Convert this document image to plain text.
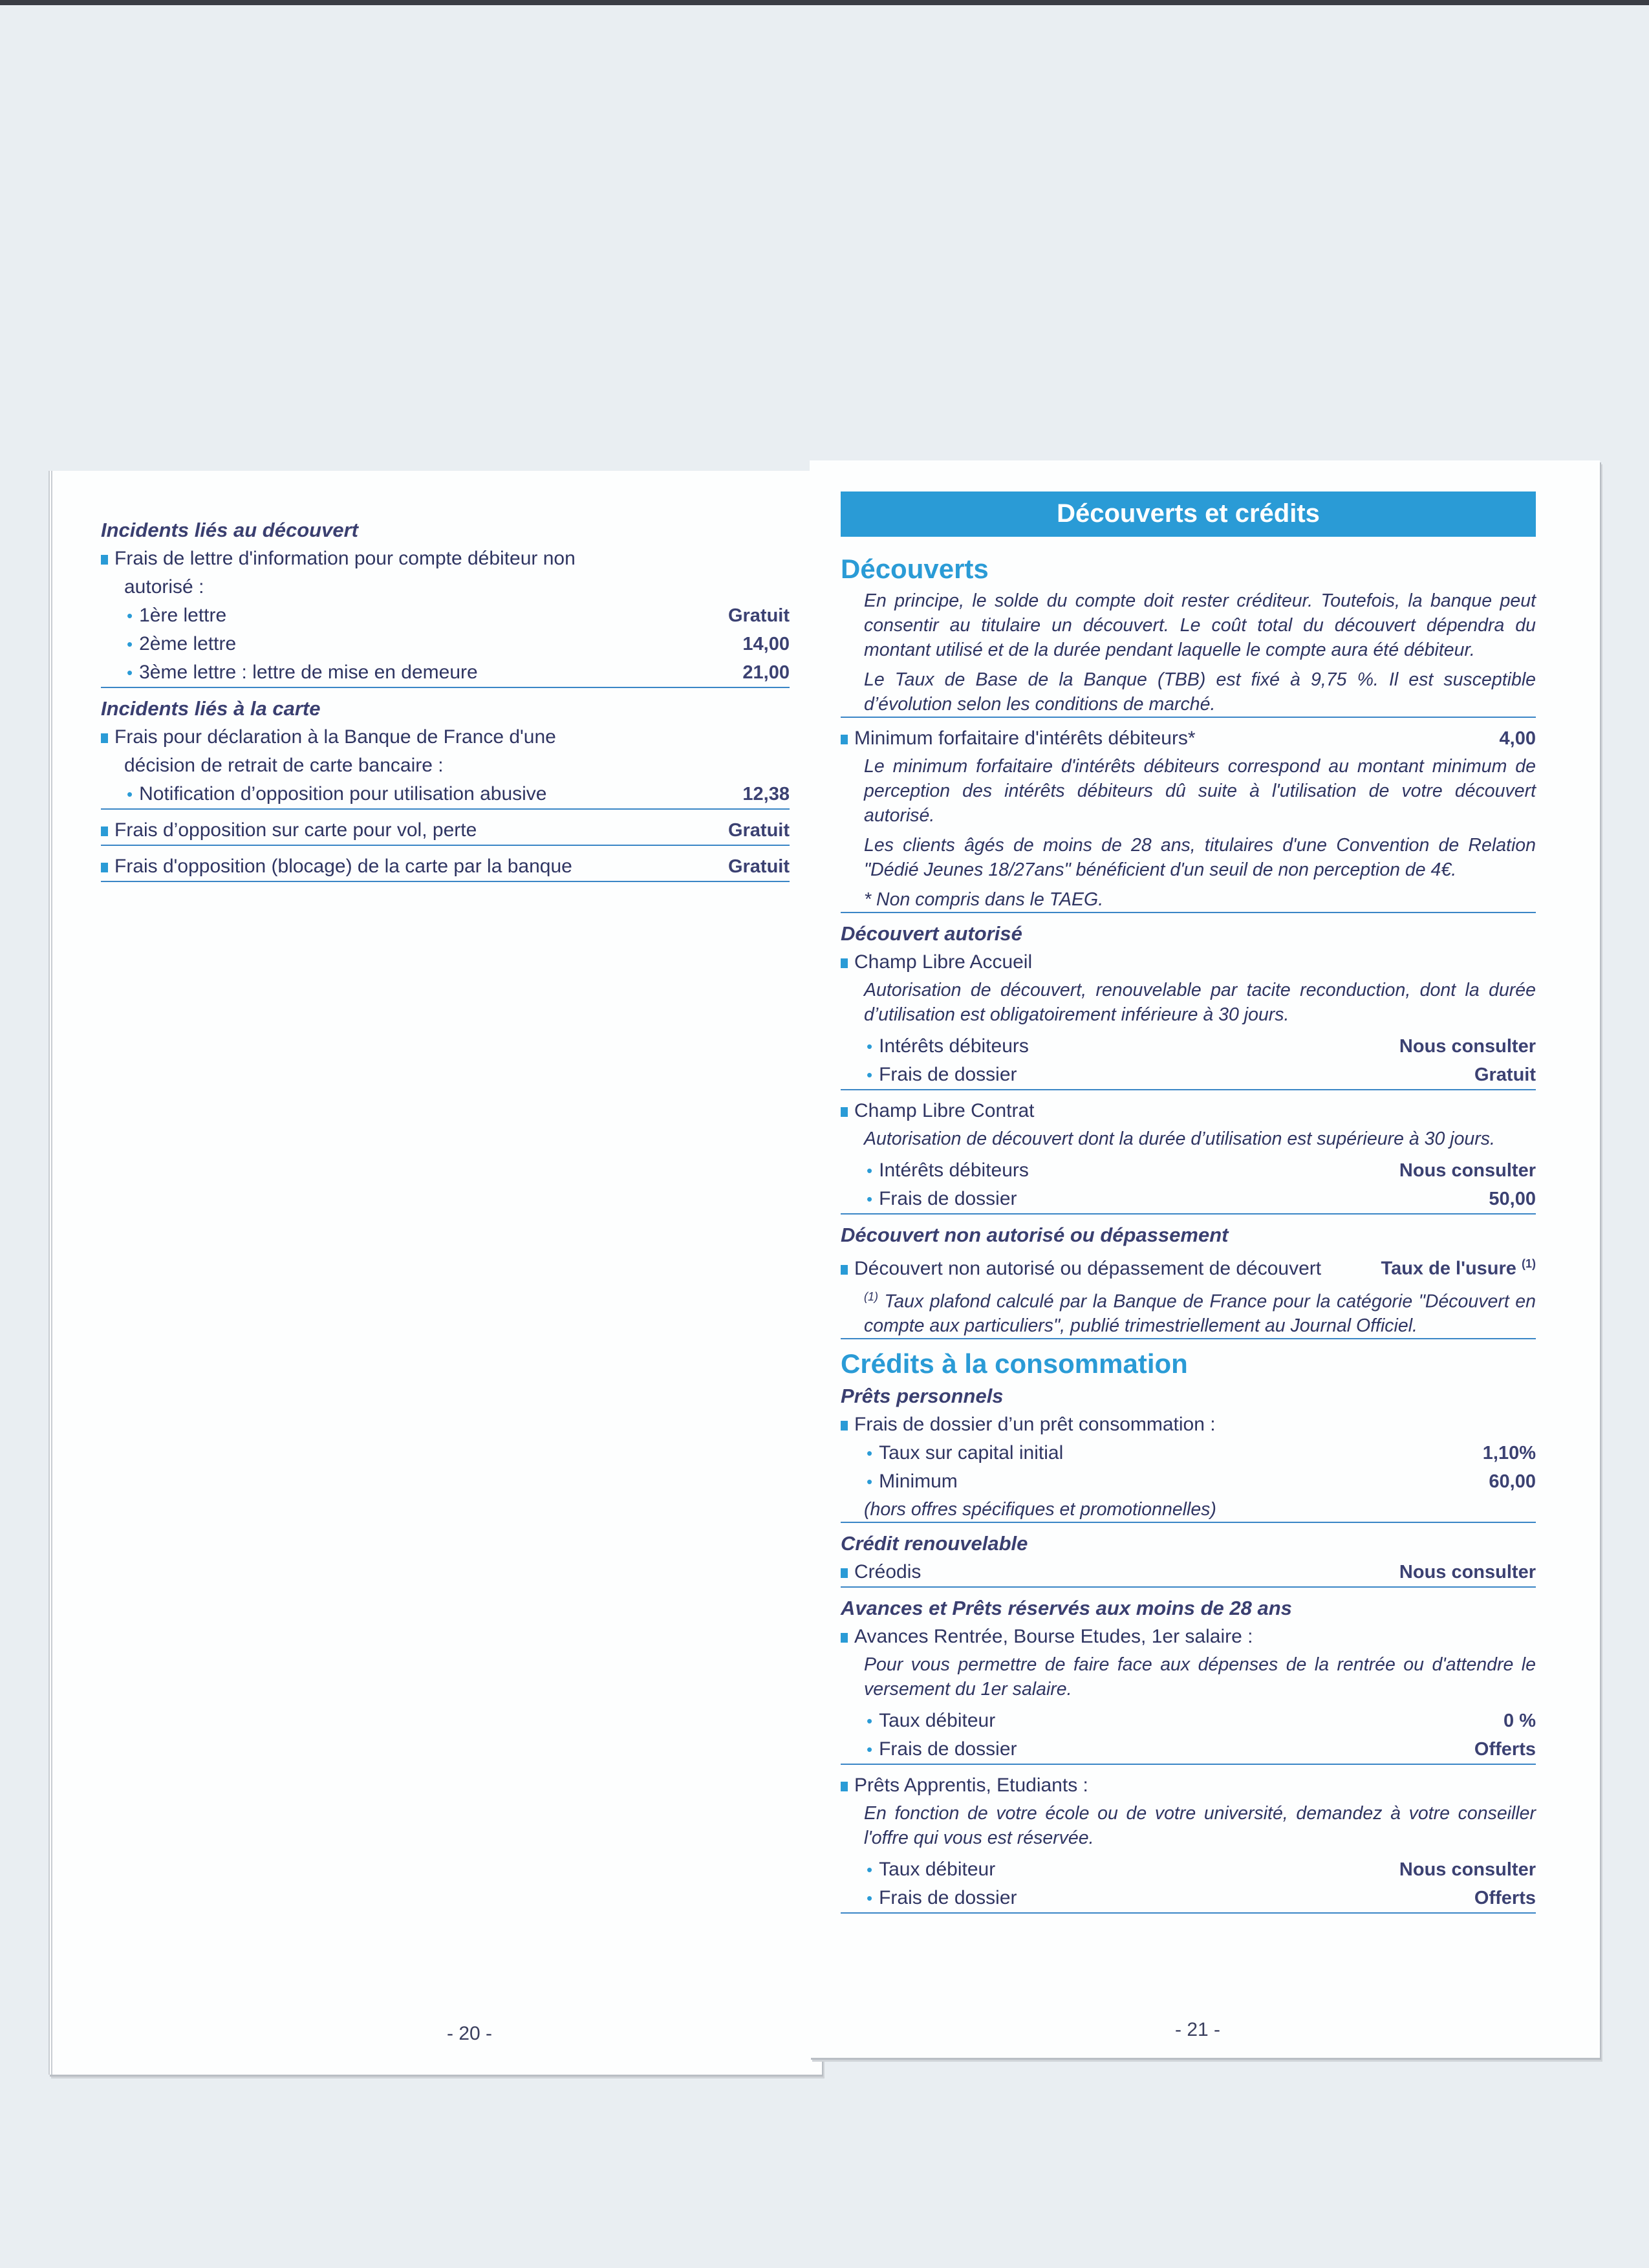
Incidents liés au découvert
Frais de lettre d'information pour compte débiteur non
autorisé :
• 1ère lettre	Gratuit
• 2ème lettre	14,00
• 3ème lettre : lettre de mise en demeure	21,00
Incidents liés à la carte
Frais pour déclaration à la Banque de France d'une
décision de retrait de carte bancaire :
• Notification d’opposition pour utilisation abusive	12,38
Frais d’opposition sur carte pour vol, perte	Gratuit
Frais d'opposition (blocage) de la carte par la banque	Gratuit
- 20 -
Découverts et crédits
Découverts
En principe, le solde du compte doit rester créditeur. Toutefois, la banque peut consentir au titulaire un découvert. Le coût total du découvert dépendra du montant utilisé et de la durée pendant laquelle le compte aura été débiteur.
Le Taux de Base de la Banque (TBB) est fixé à 9,75 %. Il est susceptible d’évolution selon les conditions de marché.
Minimum forfaitaire d'intérêts débiteurs*	4,00
Le minimum forfaitaire d'intérêts débiteurs correspond au montant minimum de perception des intérêts débiteurs dû suite à l'utilisation de votre découvert autorisé.
Les clients âgés de moins de 28 ans, titulaires d'une Convention de Relation "Dédié Jeunes 18/27ans" bénéficient d'un seuil de non perception de 4€.
* Non compris dans le TAEG.
Découvert autorisé
Champ Libre Accueil
Autorisation de découvert, renouvelable par tacite reconduction, dont la durée d’utilisation est obligatoirement inférieure à 30 jours.
• Intérêts débiteurs	Nous consulter
• Frais de dossier	Gratuit
Champ Libre Contrat
Autorisation de découvert dont la durée d’utilisation est supérieure à 30 jours.
• Intérêts débiteurs	Nous consulter
• Frais de dossier	50,00
Découvert non autorisé ou dépassement
Découvert non autorisé ou dépassement de découvert	Taux de l'usure $^{(1)}$
$^{(1)}$ Taux plafond calculé par la Banque de France pour la catégorie "Découvert en compte aux particuliers", publié trimestriellement au Journal Officiel.
Crédits à la consommation
Prêts personnels
Frais de dossier d’un prêt consommation :
• Taux sur capital initial	1,10%
• Minimum	60,00
(hors offres spécifiques et promotionnelles)
Crédit renouvelable
Créodis	Nous consulter
Avances et Prêts réservés aux moins de 28 ans
Avances Rentrée, Bourse Etudes, 1er salaire :
Pour vous permettre de faire face aux dépenses de la rentrée ou d'attendre le versement du 1er salaire.
• Taux débiteur	0 %
• Frais de dossier	Offerts
Prêts Apprentis, Etudiants :
En fonction de votre école ou de votre université, demandez à votre conseiller l'offre qui vous est réservée.
• Taux débiteur	Nous consulter
• Frais de dossier	Offerts
- 21 -
